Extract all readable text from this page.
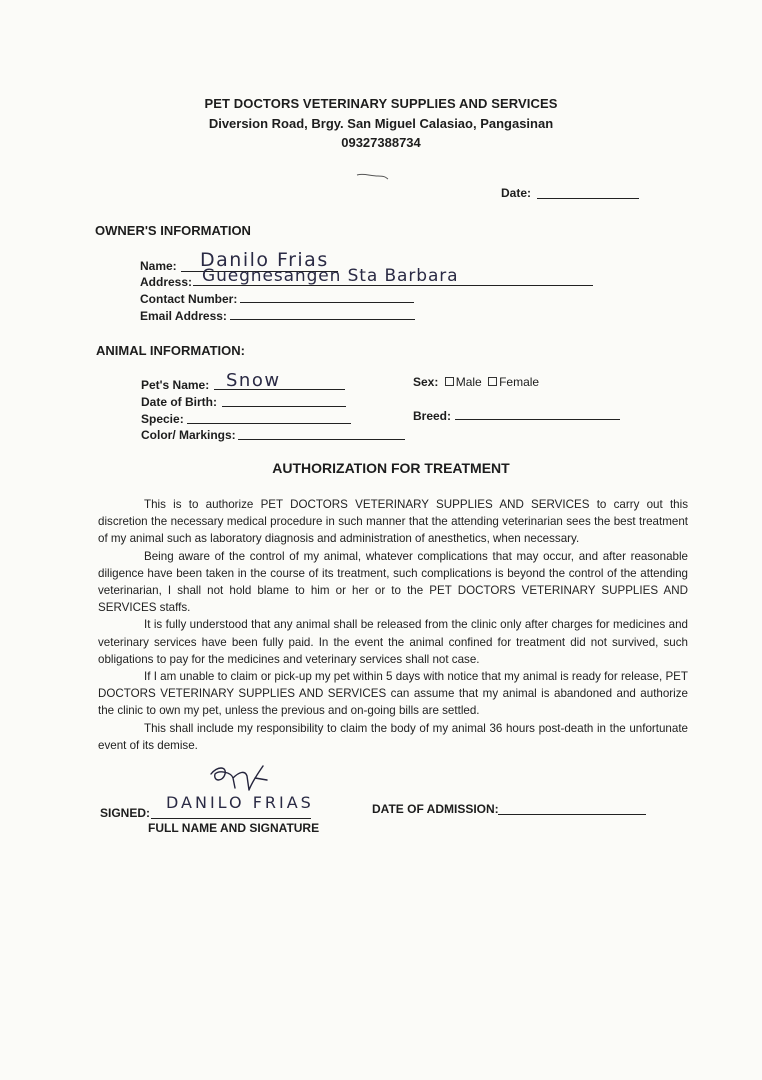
PET DOCTORS VETERINARY SUPPLIES AND SERVICES
Diversion Road, Brgy. San Miguel Calasiao, Pangasinan
09327388734
Date:
OWNER'S INFORMATION
Name: Danilo Frias
Address: Guegnesangen Sta Barbara
Contact Number:
Email Address:
ANIMAL INFORMATION:
Pet's Name: Snow
Date of Birth:
Specie:
Color/ Markings:
Sex: Male Female
Breed:
AUTHORIZATION FOR TREATMENT

This is to authorize PET DOCTORS VETERINARY SUPPLIES AND SERVICES to carry out this discretion the necessary medical procedure in such manner that the attending veterinarian sees the best treatment of my animal such as laboratory diagnosis and administration of anesthetics, when necessary.

Being aware of the control of my animal, whatever complications that may occur, and after reasonable diligence have been taken in the course of its treatment, such complications is beyond the control of the attending veterinarian, I shall not hold blame to him or her or to the PET DOCTORS VETERINARY SUPPLIES AND SERVICES staffs.

It is fully understood that any animal shall be released from the clinic only after charges for medicines and veterinary services have been fully paid. In the event the animal confined for treatment did not survived, such obligations to pay for the medicines and veterinary services shall not case.

If I am unable to claim or pick-up my pet within 5 days with notice that my animal is ready for release, PET DOCTORS VETERINARY SUPPLIES AND SERVICES can assume that my animal is abandoned and authorize the clinic to own my pet, unless the previous and on-going bills are settled.

This shall include my responsibility to claim the body of my animal 36 hours post-death in the unfortunate event of its demise.

SIGNED:
DANILO FRIAS
FULL NAME AND SIGNATURE
DATE OF ADMISSION:
